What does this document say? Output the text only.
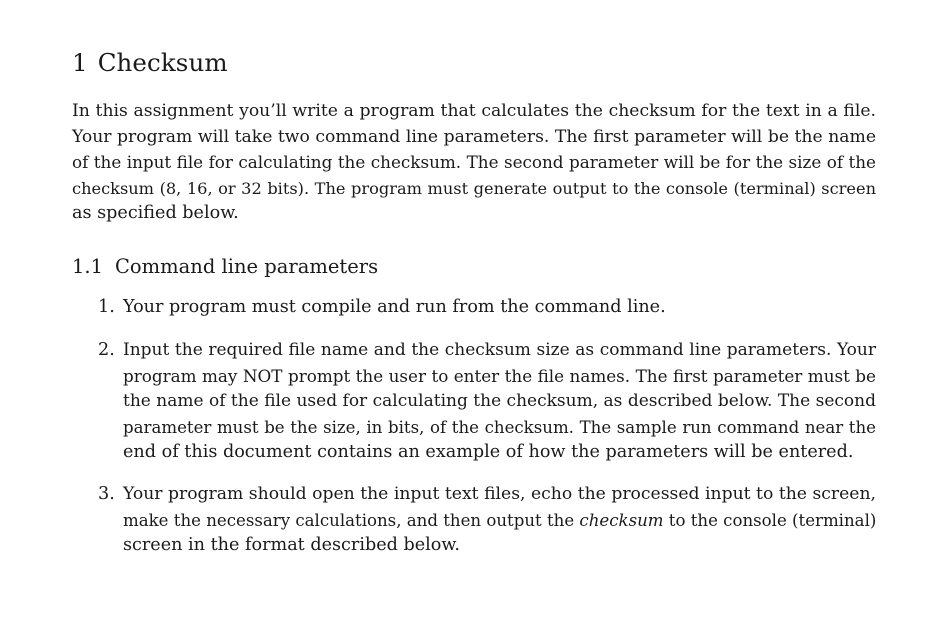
1 Checksum

In this assignment you’ll write a program that calculates the checksum for the text in a file.
Your program will take two command line parameters. The first parameter will be the name
of the input file for calculating the checksum. The second parameter will be for the size of the
checksum (8, 16, or 32 bits). The program must generate output to the console (terminal) screen
as specified below.

1.1 Command line parameters
1. Your program must compile and run from the command line.
2. Input the required file name and the checksum size as command line parameters. Your
program may NOT prompt the user to enter the file names. The first parameter must be
the name of the file used for calculating the checksum, as described below. The second
parameter must be the size, in bits, of the checksum. The sample run command near the
end of this document contains an example of how the parameters will be entered.
3. Your program should open the input text files, echo the processed input to the screen,
make the necessary calculations, and then output the checksum to the console (terminal)
screen in the format described below.
